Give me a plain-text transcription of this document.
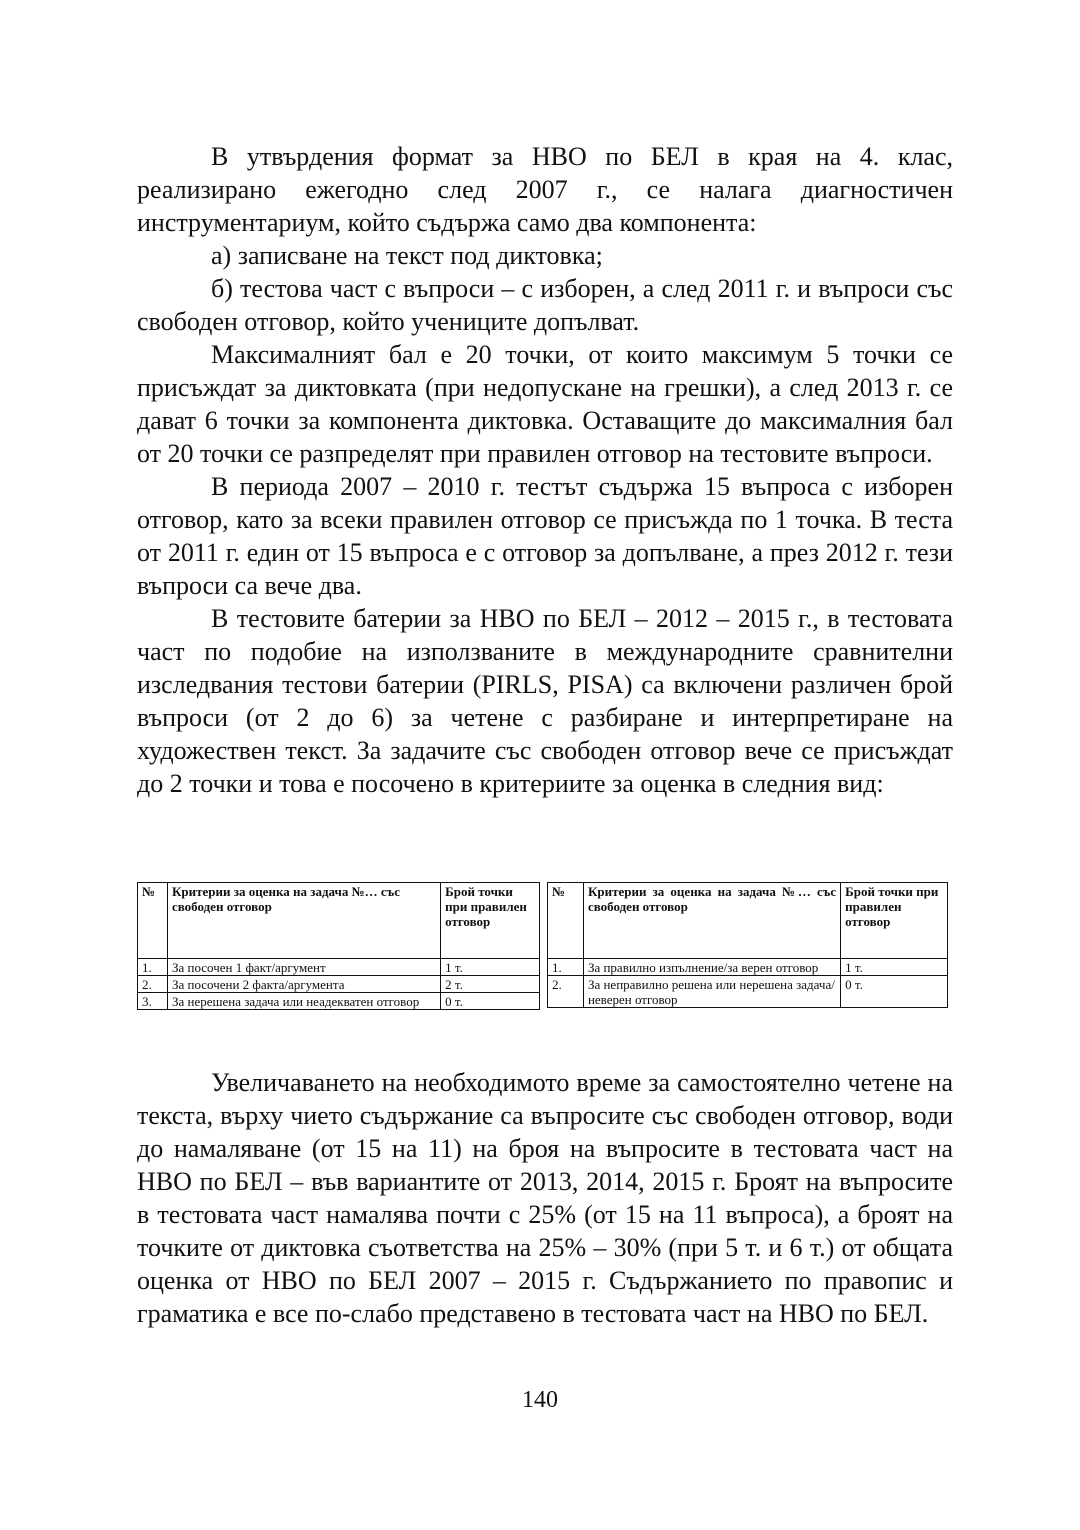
В утвърдения формат за НВО по БЕЛ в края на 4. клас, реализирано ежегодно след 2007 г., се налага диагностичен инструментариум, който съдържа само два компонента:

а) записване на текст под диктовка;

б) тестова част с въпроси – с изборен, а след 2011 г. и въпроси със свободен отговор, който учениците допълват.

Максималният бал е 20 точки, от които максимум 5 точки се присъждат за диктовката (при недопускане на грешки), а след 2013 г. се дават 6 точки за компонента диктовка. Оставащите до максималния бал от 20 точки се разпределят при правилен отговор на тестовите въпроси.

В периода 2007 – 2010 г. тестът съдържа 15 въпроса с изборен отговор, като за всеки правилен отговор се присъжда по 1 точка. В теста от 2011 г. един от 15 въпроса е с отговор за допълване, а през 2012 г. тези въпроси са вече два.

В тестовите батерии за НВО по БЕЛ – 2012 – 2015 г., в тестовата част по подобие на използваните в международните сравнителни изследвания тестови батерии (PIRLS, PISA) са включени различен брой въпроси (от 2 до 6) за четене с разбиране и интерпретиране на художествен текст. За задачите със свободен отговор вече се присъждат до 2 точки и това е посочено в критериите за оценка в следния вид:

№	Критерии за оценка на задача №… със свободен отговор	Брой точки при правилен отговор
1.	За посочен 1 факт/аргумент	1 т.
2.	За посочени 2 факта/аргумента	2 т.
3.	За нерешена задача или неадекватен отговор	0 т.
№	Критерии за оценка на задача №… със свободен отговор	Брой точки при правилен отговор
1.	За правилно изпълнение/за верен отговор	1 т.
2.	За неправилно решена или нерешена задача/неверен отговор	0 т.

Увеличаването на необходимото време за самостоятелно четене на текста, върху чието съдържание са въпросите със свободен отговор, води до намаляване (от 15 на 11) на броя на въпросите в тестовата част на НВО по БЕЛ – във вариантите от 2013, 2014, 2015 г. Броят на въпросите в тестовата част намалява почти с 25% (от 15 на 11 въпроса), а броят на точките от диктовка съответства на 25% – 30% (при 5 т. и 6 т.) от общата оценка от НВО по БЕЛ 2007 – 2015 г. Съдържанието по правопис и граматика е все по-слабо представено в тестовата част на НВО по БЕЛ.

140
